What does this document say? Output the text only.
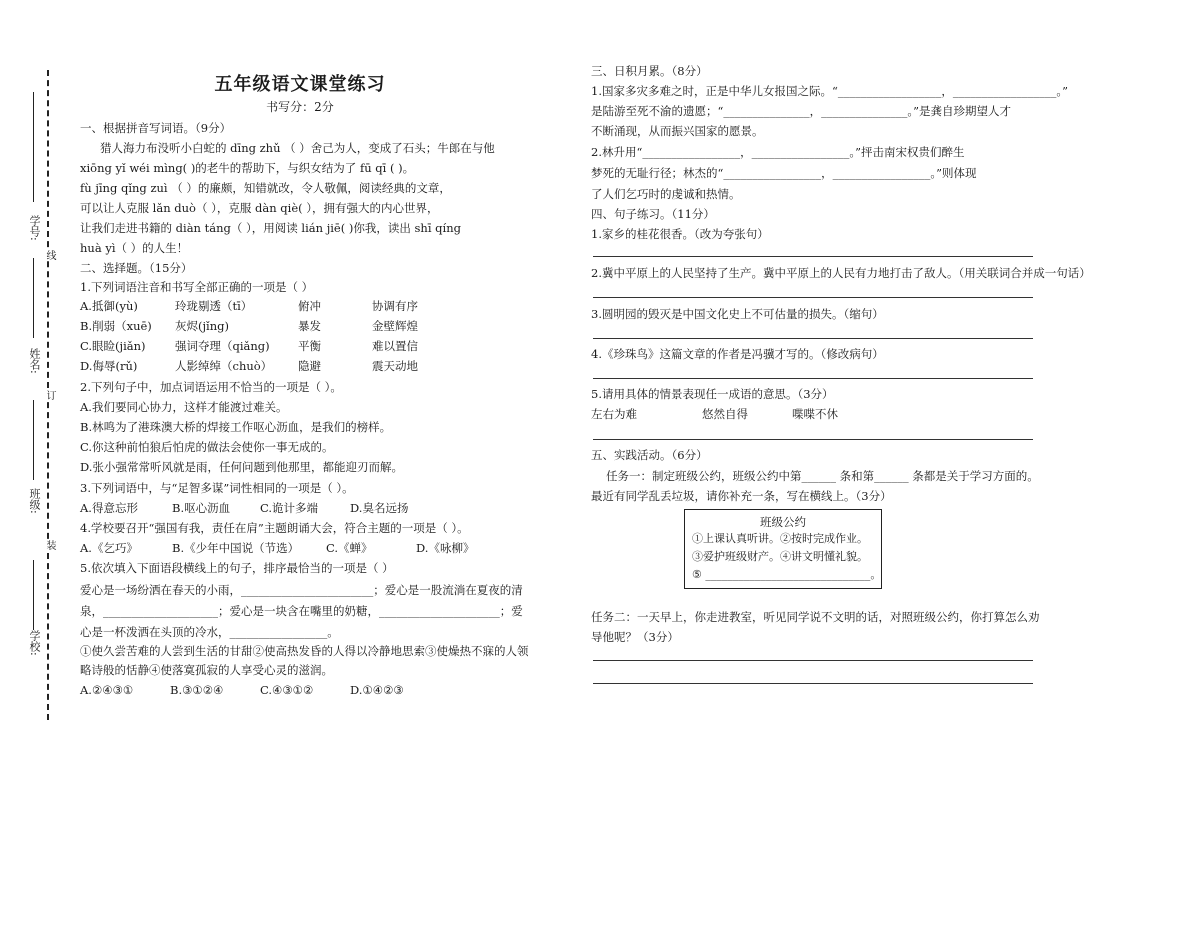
学号:
线
姓名:
订
班级:
装
学校:
五年级语文课堂练习
书写分：2分
一、根据拼音写词语。（9分）
猎人海力布没听小白蛇的 dīng zhǔ （ ）舍己为人，变成了石头；牛郎在与他
xiōng yǐ wéi mìng( )的老牛的帮助下，与织女结为了 fū qī ( )。
fù jīng qǐng zuì （ ）的廉颇，知错就改，令人敬佩，阅读经典的文章，
可以让人克服 lǎn duò（ ），克服 dàn qiè( ），拥有强大的内心世界，
让我们走进书籍的 diàn táng（ ），用阅读 lián jiē( )你我，读出 shī qíng
huà yì（ ）的人生！
二、选择题。（15分）
1.下列词语注音和书写全部正确的一项是（ ）
A.抵御(yù)	玲珑剔透（tī）	俯冲	协调有序
B.削弱（xuē) 灰烬(jǐng)	暴发	金壁辉煌
C.眼睑(jiǎn)	强词夺理（qiǎng) 平衡	难以置信
D.侮辱(rǔ)	人影绰绰（chuò） 隐避	震天动地
2.下列句子中，加点词语运用不恰当的一项是（ ）。
A.我们要同心协力，这样才能渡过难关。
B.林鸣为了港珠澳大桥的焊接工作呕心沥血，是我们的榜样。
C.你这种前怕狼后怕虎的做法会使你一事无成的。
D.张小强常常听风就是雨，任何问题到他那里，都能迎刃而解。
3.下列词语中，与“足智多谋”词性相同的一项是（ ）。
A.得意忘形	B.呕心沥血	C.诡计多端	D.臭名远扬
4.学校要召开“强国有我，责任在肩”主题朗诵大会，符合主题的一项是（ ）。
A.《乞巧》	B.《少年中国说（节选） C.《蝉》	D.《咏柳》
5.依次填入下面语段横线上的句子，排序最恰当的一项是（ ）
爱心是一场纷洒在春天的小雨，_______________________；爱心是一股流淌在夏夜的清
泉，____________________；爱心是一块含在嘴里的奶糖，_____________________；爱
心是一杯泼洒在头顶的冷水，_________________。
①使久尝苦难的人尝到生活的甘甜②使高热发昏的人得以冷静地思索③使燥热不寐的人领
略诗般的恬静④使落寞孤寂的人享受心灵的滋润。
A.②④③①	B.③①②④	C.④③①②	D.①④②③
三、日积月累。（8分）
1.国家多灾多难之时，正是中华儿女报国之际。“__________________，__________________。”
是陆游至死不渝的遗愿；“_______________，_______________。”是龚自珍期望人才
不断涌现，从而振兴国家的愿景。
2.林升用“_________________，_________________。”抨击南宋权贵们醉生
梦死的无耻行径；林杰的“_________________，_________________。”则体现
了人们乞巧时的虔诚和热情。
四、句子练习。（11分）
1.家乡的桂花很香。（改为夸张句）
2.冀中平原上的人民坚持了生产。冀中平原上的人民有力地打击了敌人。（用关联词合并成一句话）
3.圆明园的毁灭是中国文化史上不可估量的损失。（缩句）
4.《珍珠鸟》这篇文章的作者是冯骥才写的。（修改病句）
5.请用具体的情景表现任一成语的意思。（3分）
左右为难	悠然自得	喋喋不休
五、实践活动。（6分）
任务一：制定班级公约，班级公约中第______ 条和第______ 条都是关于学习方面的。
最近有同学乱丢垃圾，请你补充一条，写在横线上。（3分）
班级公约
①上课认真听讲。②按时完成作业。
③爱护班级财产。④讲文明懂礼貌。
⑤ ______________________________。
任务二：一天早上，你走进教室，听见同学说不文明的话，对照班级公约，你打算怎么劝
导他呢？（3分）
